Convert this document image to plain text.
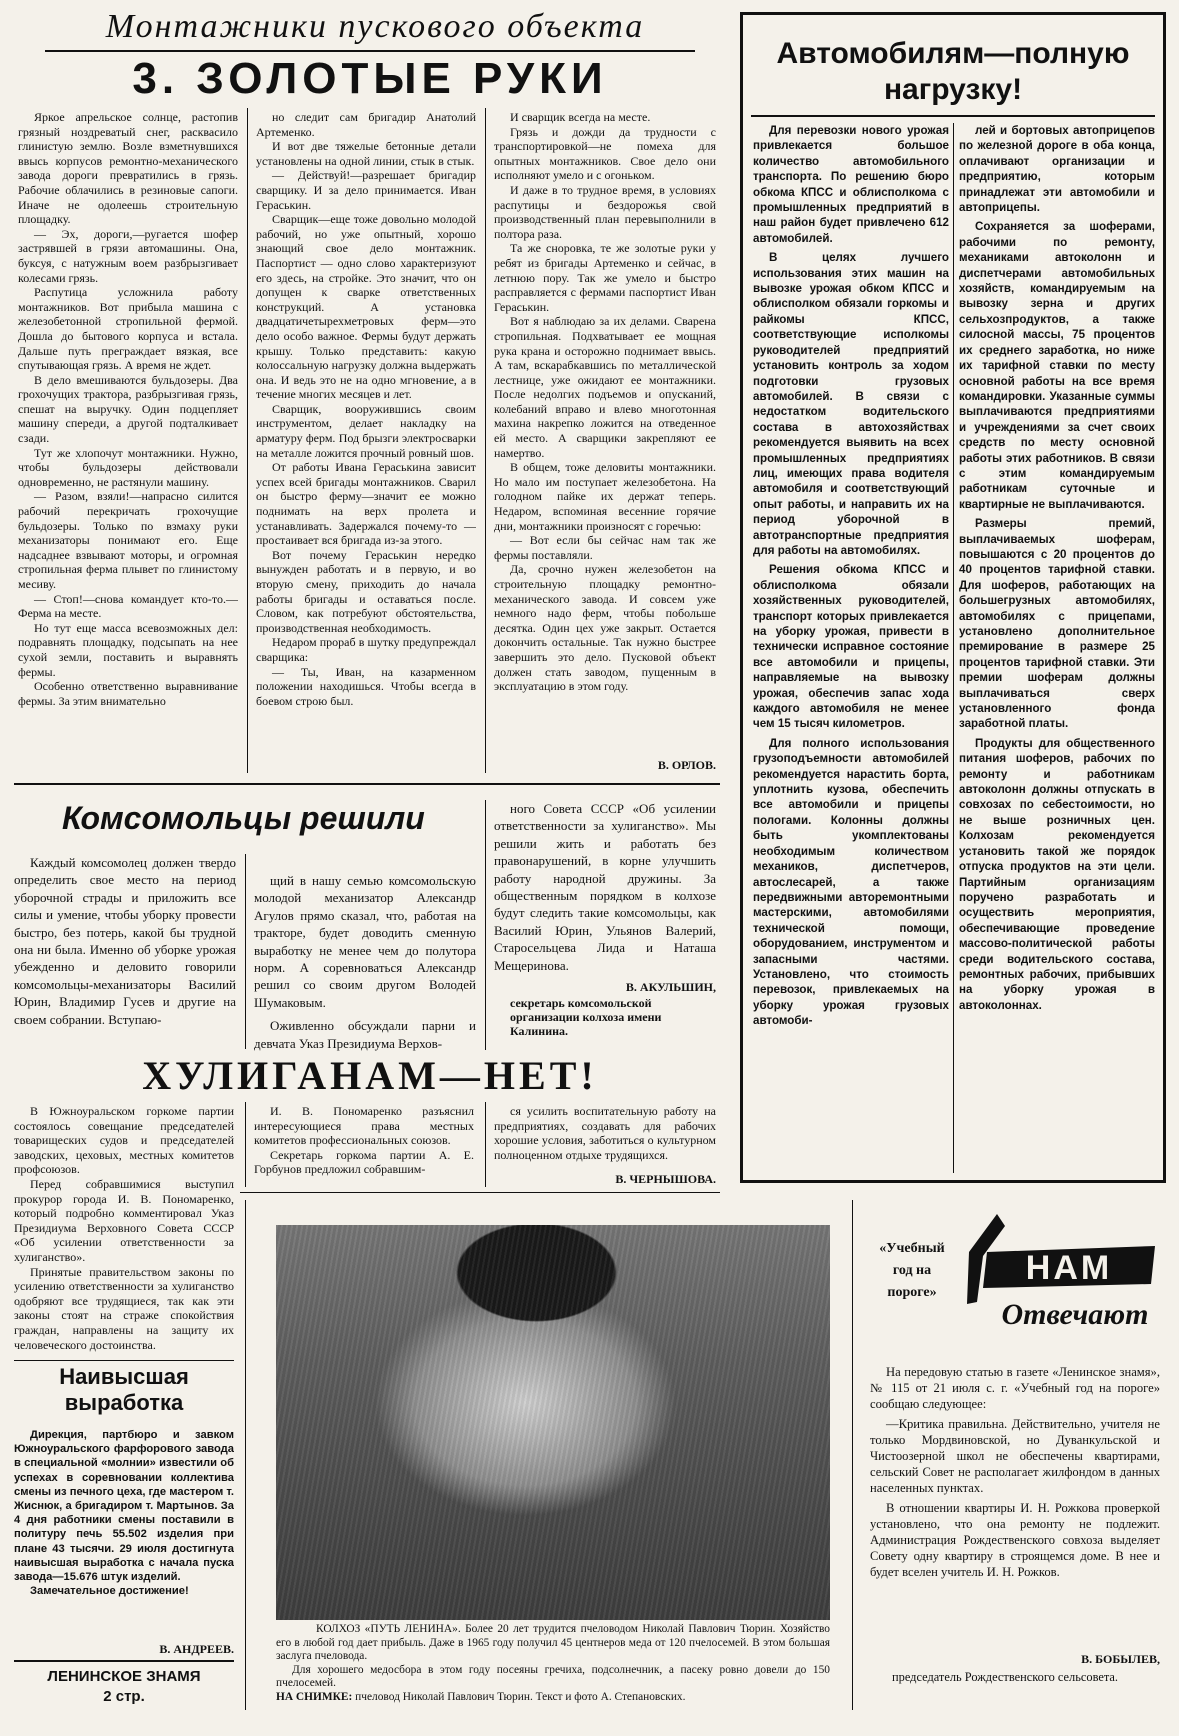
Монтажники пускового объекта
3. ЗОЛОТЫЕ РУКИ

Яркое апрельское солнце, растопив грязный ноздреватый снег, расквасило глинистую землю. Возле взметнувшихся ввысь корпусов ремонтно-механического завода дороги превратились в грязь. Рабочие облачились в резиновые сапоги. Иначе не одолеешь строительную площадку.

— Эх, дороги,—ругается шофер застрявшей в грязи автомашины. Она, буксуя, с натужным воем разбрызгивает колесами грязь.

Распутица усложнила работу монтажников. Вот прибыла машина с железобетонной стропильной фермой. Дошла до бытового корпуса и встала. Дальше путь преграждает вязкая, все спутывающая грязь. А время не ждет.

В дело вмешиваются бульдозеры. Два грохочущих трактора, разбрызгивая грязь, спешат на выручку. Один подцепляет машину спереди, а другой подталкивает сзади.

Тут же хлопочут монтажники. Нужно, чтобы бульдозеры действовали одновременно, не растянули машину.

— Разом, взяли!—напрасно силится рабочий перекричать грохочущие бульдозеры. Только по взмаху руки механизаторы понимают его. Еще надсаднее взвывают моторы, и огромная стропильная ферма плывет по глинистому месиву.

— Стоп!—снова командует кто-то.—Ферма на месте.

Но тут еще масса всевозможных дел: подравнять площадку, подсыпать на нее сухой земли, поставить и выравнять фермы.

Особенно ответственно выравнивание фермы. За этим внимательно

но следит сам бригадир Анатолий Артеменко.

И вот две тяжелые бетонные детали установлены на одной линии, стык в стык.

— Действуй!—разрешает бригадир сварщику. И за дело принимается. Иван Гераськин.

Сварщик—еще тоже довольно молодой рабочий, но уже опытный, хорошо знающий свое дело монтажник. Паспортист — одно слово характеризуют его здесь, на стройке. Это значит, что он допущен к сварке ответственных конструкций. А установка двадцатичетырехметровых ферм—это дело особо важное. Фермы будут держать крышу. Только представить: какую колоссальную нагрузку должна выдержать она. И ведь это не на одно мгновение, а в течение многих месяцев и лет.

Сварщик, вооружившись своим инструментом, делает накладку на арматуру ферм. Под брызги электросварки на металле ложится прочный ровный шов.

От работы Ивана Гераськина зависит успех всей бригады монтажников. Сварил он быстро ферму—значит ее можно поднимать на верх пролета и устанавливать. Задержался почему-то — простаивает вся бригада из-за этого.

Вот почему Гераськин нередко вынужден работать и в первую, и во вторую смену, приходить до начала работы бригады и оставаться после. Словом, как потребуют обстоятельства, производственная необходимость.

Недаром прораб в шутку предупреждал сварщика:

— Ты, Иван, на казарменном положении находишься. Чтобы всегда в боевом строю был.

И сварщик всегда на месте.

Грязь и дожди да трудности с транспортировкой—не помеха для опытных монтажников. Свое дело они исполняют умело и с огоньком.

И даже в то трудное время, в условиях распутицы и бездорожья свой производственный план перевыполнили в полтора раза.

Та же сноровка, те же золотые руки у ребят из бригады Артеменко и сейчас, в летнюю пору. Так же умело и быстро расправляется с фермами паспортист Иван Гераськин.

Вот я наблюдаю за их делами. Сварена стропильная. Подхватывает ее мощная рука крана и осторожно поднимает ввысь. А там, вскарабкавшись по металлической лестнице, уже ожидают ее монтажники. После недолгих подъемов и опусканий, колебаний вправо и влево многотонная махина накрепко ложится на отведенное ей место. А сварщики закрепляют ее намертво.

В общем, тоже деловиты монтажники. Но мало им поступает железобетона. На голодном пайке их держат теперь. Недаром, вспоминая весенние горячие дни, монтажники произносят с горечью:

— Вот если бы сейчас нам так же фермы поставляли.

Да, срочно нужен железобетон на строительную площадку ремонтно-механического завода. И совсем уже немного надо ферм, чтобы побольше десятка. Один цех уже закрыт. Остается докончить остальные. Так нужно быстрее завершить это дело. Пусковой объект должен стать заводом, пущенным в эксплуатацию в этом году.

В. ОРЛОВ.
Автомобилям—полную
нагрузку!

Для перевозки нового урожая привлекается большое количество автомобильного транспорта. По решению бюро обкома КПСС и облисполкома с промышленных предприятий в наш район будет привлечено 612 автомобилей.

В целях лучшего использования этих машин на вывозке урожая обком КПСС и облисполком обязали горкомы и райкомы КПСС, соответствующие исполкомы руководителей предприятий установить контроль за ходом подготовки грузовых автомобилей. В связи с недостатком водительского состава в автохозяйствах рекомендуется выявить на всех промышленных предприятиях лиц, имеющих права водителя автомобиля и соответствующий опыт работы, и направить их на период уборочной в автотранспортные предприятия для работы на автомобилях.

Решения обкома КПСС и облисполкома обязали хозяйственных руководителей, транспорт которых привлекается на уборку урожая, привести в технически исправное состояние все автомобили и прицепы, направляемые на вывозку урожая, обеспечив запас хода каждого автомобиля не менее чем 15 тысяч километров.

Для полного использования грузоподъемности автомобилей рекомендуется нарастить борта, уплотнить кузова, обеспечить все автомобили и прицепы пологами. Колонны должны быть укомплектованы необходимым количеством механиков, диспетчеров, автослесарей, а также передвижными авторемонтными мастерскими, автомобилями технической помощи, оборудованием, инструментом и запасными частями. Установлено, что стоимость перевозок, привлекаемых на уборку урожая грузовых автомоби-

лей и бортовых автоприцепов по железной дороге в оба конца, оплачивают организации и предприятию, которым принадлежат эти автомобили и автоприцепы.

Сохраняется за шоферами, рабочими по ремонту, механиками автоколонн и диспетчерами автомобильных хозяйств, командируемым на вывозку зерна и других сельхозпродуктов, а также силосной массы, 75 процентов их среднего заработка, но ниже их тарифной ставки по месту основной работы на все время командировки. Указанные суммы выплачиваются предприятиями и учреждениями за счет своих средств по месту основной работы этих работников. В связи с этим командируемым работникам суточные и квартирные не выплачиваются.

Размеры премий, выплачиваемых шоферам, повышаются с 20 процентов до 40 процентов тарифной ставки. Для шоферов, работающих на большегрузных автомобилях, автомобилях с прицепами, установлено дополнительное премирование в размере 25 процентов тарифной ставки. Эти премии шоферам должны выплачиваться сверх установленного фонда заработной платы.

Продукты для общественного питания шоферов, рабочих по ремонту и работникам автоколонн должны отпускать в совхозах по себестоимости, но не выше розничных цен. Колхозам рекомендуется установить такой же порядок отпуска продуктов на эти цели. Партийным организациям поручено разработать и осуществить мероприятия, обеспечивающие проведение массово-политической работы среди водительского состава, ремонтных рабочих, прибывших на уборку урожая в автоколоннах.

Комсомольцы решили

Каждый комсомолец должен твердо определить свое место на период уборочной страды и приложить все силы и умение, чтобы уборку провести быстро, без потерь, какой бы трудной она ни была. Именно об уборке урожая убежденно и деловито говорили комсомольцы-механизаторы Василий Юрин, Владимир Гусев и другие на своем собрании. Вступаю-

щий в нашу семью комсомольскую молодой механизатор Александр Агулов прямо сказал, что, работая на тракторе, будет доводить сменную выработку не менее чем до полутора норм. А соревноваться Александр решил со своим другом Володей Шумаковым.

Оживленно обсуждали парни и девчата Указ Президиума Верхов-

ного Совета СССР «Об усилении ответственности за хулиганство». Мы решили жить и работать без правонарушений, в корне улучшить работу народной дружины. За общественным порядком в колхозе будут следить такие комсомольцы, как Василий Юрин, Ульянов Валерий, Старосельцева Лида и Наташа Мещеринова.

В. АКУЛЬШИН,
секретарь комсомольской организации колхоза имени Калинина.
ХУЛИГАНАМ—НЕТ!

В Южноуральском горкоме партии состоялось совещание председателей товарищеских судов и председателей заводских, цеховых, местных комитетов профсоюзов.

Перед собравшимися выступил прокурор города И. В. Пономаренко, который подробно комментировал Указ Президиума Верховного Совета СССР «Об усилении ответственности за хулиганство».

Принятые правительством законы по усилению ответственности за хулиганство одобряют все трудящиеся, так как эти законы стоят на страже спокойствия граждан, направлены на защиту их человеческого достоинства.

И. В. Пономаренко разъяснил интересующиеся права местных комитетов профессиональных союзов.

Секретарь горкома партии А. Е. Горбунов предложил собравшим-

ся усилить воспитательную работу на предприятиях, создавать для рабочих хорошие условия, заботиться о культурном полноценном отдыхе трудящихся.

В. ЧЕРНЫШОВА.
Наивысшая
выработка

Дирекция, партбюро и завком Южноуральского фарфорового завода в специальной «молнии» известили об успехах в соревновании коллектива смены из печного цеха, где мастером т. Жиснюк, а бригадиром т. Мартынов. За 4 дня работники смены поставили в политуру печь 55.502 изделия при плане 43 тысячи. 29 июля достигнута наивысшая выработка с начала пуска завода—15.676 штук изделий.

Замечательное достижение!

В. АНДРЕЕВ.
ЛЕНИНСКОЕ ЗНАМЯ
2 стр.
КОЛХОЗ «ПУТЬ ЛЕНИНА». Более 20 лет трудится пчеловодом Николай Павлович Тюрин. Хозяйство его в любой год дает прибыль. Даже в 1965 году получил 45 центнеров меда от 120 пчелосемей. В этом большая заслуга пчеловода.
Для хорошего медосбора в этом году посеяны гречиха, подсолнечник, а пасеку ровно довели до 150 пчелосемей.
НА СНИМКЕ: пчеловод Николай Павлович Тюрин. Текст и фото А. Степановских.
«Учебный
год на
пороге»
НАМ
Отвечают

На передовую статью в газете «Ленинское знамя», № 115 от 21 июля с. г. «Учебный год на пороге» сообщаю следующее:

—Критика правильна. Действительно, учителя не только Мордвиновской, но Дуванкульской и Чистоозерной школ не обеспечены квартирами, сельский Совет не располагает жилфондом в данных населенных пунктах.

В отношении квартиры И. Н. Рожкова проверкой установлено, что она ремонту не подлежит. Администрация Рождественского совхоза выделяет Совету одну квартиру в строящемся доме. В нее и будет вселен учитель И. Н. Рожков.

В. БОБЫЛЕВ,
председатель Рождественского сельсовета.
